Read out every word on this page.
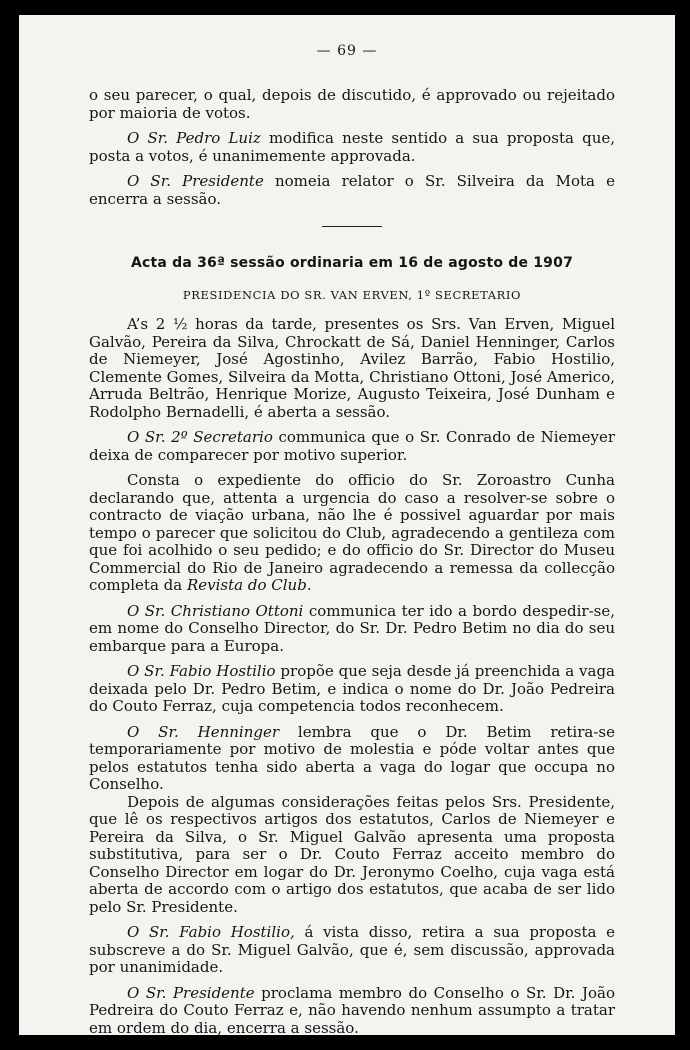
— 69 —

o seu parecer, o qual, depois de discutido, é approvado ou rejeitado por maioria de votos.

O Sr. Pedro Luiz modifica neste sentido a sua proposta que, posta a votos, é unanimemente approvada.

O Sr. Presidente nomeia relator o Sr. Silveira da Mota e encerra a sessão.

Acta da 36ª sessão ordinaria em 16 de agosto de 1907
PRESIDENCIA DO SR. VAN ERVEN, 1º SECRETARIO

A’s 2 ½ horas da tarde, presentes os Srs. Van Erven, Miguel Galvão, Pereira da Silva, Chrockatt de Sá, Daniel Henninger, Carlos de Niemeyer, José Agostinho, Avilez Barrão, Fabio Hostilio, Clemente Gomes, Silveira da Motta, Christiano Ottoni, José Americo, Arruda Beltrão, Henrique Morize, Augusto Teixeira, José Dunham e Rodolpho Bernadelli, é aberta a sessão.

O Sr. 2º Secretario communica que o Sr. Conrado de Niemeyer deixa de comparecer por motivo superior.

Consta o expediente do officio do Sr. Zoroastro Cunha declarando que, attenta a urgencia do caso a resolver-se sobre o contracto de viação urbana, não lhe é possivel aguardar por mais tempo o parecer que solicitou do Club, agradecendo a gentileza com que foi acolhido o seu pedido; e do officio do Sr. Director do Museu Commercial do Rio de Janeiro agradecendo a remessa da collecção completa da Revista do Club.

O Sr. Christiano Ottoni communica ter ido a bordo despedir-se, em nome do Conselho Director, do Sr. Dr. Pedro Betim no dia do seu embarque para a Europa.

O Sr. Fabio Hostilio propõe que seja desde já preenchida a vaga deixada pelo Dr. Pedro Betim, e indica o nome do Dr. João Pedreira do Couto Ferraz, cuja competencia todos reconhecem.

O Sr. Henninger lembra que o Dr. Betim retira-se temporariamente por motivo de molestia e póde voltar antes que pelos estatutos tenha sido aberta a vaga do logar que occupa no Conselho.

Depois de algumas considerações feitas pelos Srs. Presidente, que lê os respectivos artigos dos estatutos, Carlos de Niemeyer e Pereira da Silva, o Sr. Miguel Galvão apresenta uma proposta substitutiva, para ser o Dr. Couto Ferraz acceito membro do Conselho Director em logar do Dr. Jeronymo Coelho, cuja vaga está aberta de accordo com o artigo dos estatutos, que acaba de ser lido pelo Sr. Presidente.

O Sr. Fabio Hostilio, á vista disso, retira a sua proposta e subscreve a do Sr. Miguel Galvão, que é, sem discussão, approvada por unanimidade.

O Sr. Presidente proclama membro do Conselho o Sr. Dr. João Pedreira do Couto Ferraz e, não havendo nenhum assumpto a tratar em ordem do dia, encerra a sessão.
